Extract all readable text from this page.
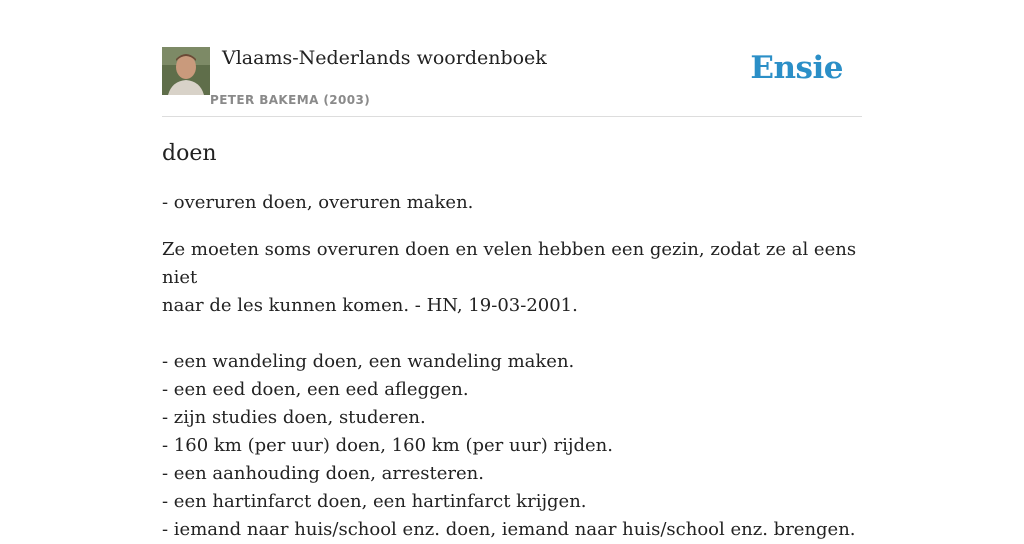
Vlaams-Nederlands woordenboek
PETER BAKEMA (2003)
Ensie
doen

- overuren doen, overuren maken.

Ze moeten soms overuren doen en velen hebben een gezin, zodat ze al eens niet
naar de les kunnen komen. - HN, 19-03-2001.

- een wandeling doen, een wandeling maken.
- een eed doen, een eed afleggen.
- zijn studies doen, studeren.
- 160 km (per uur) doen, 160 km (per uur) rijden.
- een aanhouding doen, arresteren.
- een hartinfarct doen, een hartinfarct krijgen.
- iemand naar huis/school enz. doen, iemand naar huis/school enz. brengen.
